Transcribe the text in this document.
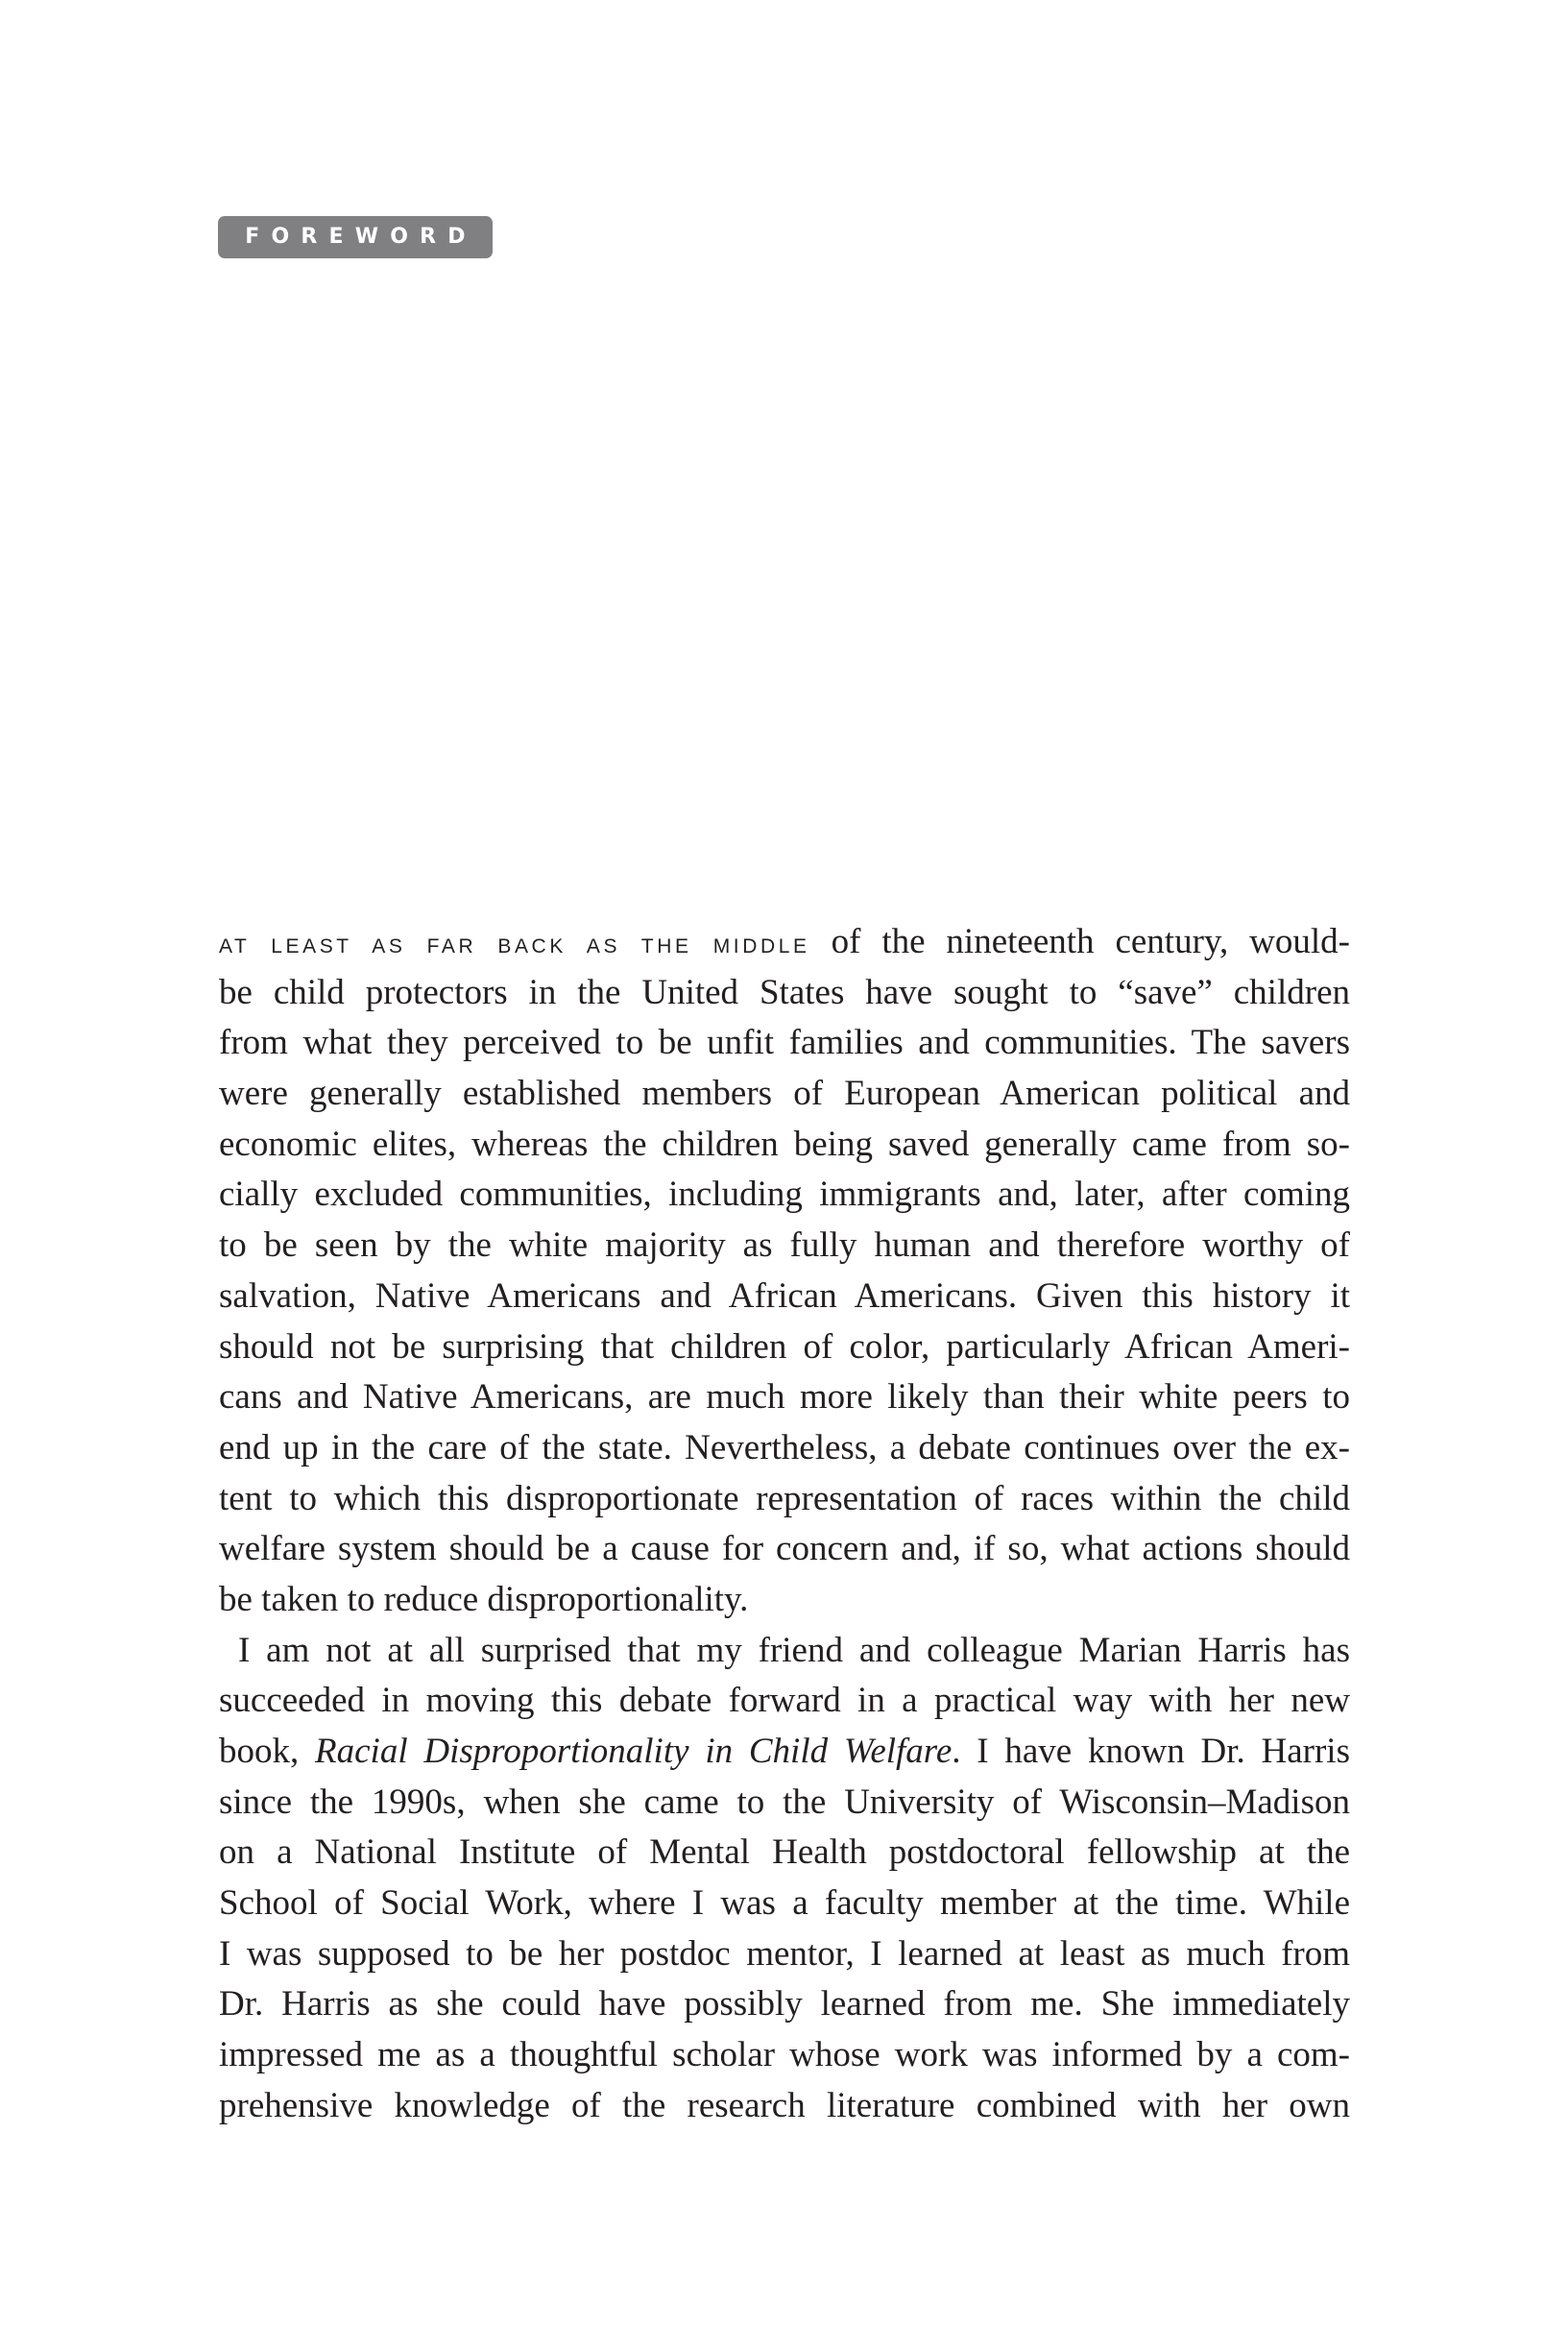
FOREWORD
AT LEAST AS FAR BACK AS THE MIDDLE of the nineteenth century, would-
be child protectors in the United States have sought to “save” children
from what they perceived to be unfit families and communities. The savers
were generally established members of European American political and
economic elites, whereas the children being saved generally came from so-
cially excluded communities, including immigrants and, later, after coming
to be seen by the white majority as fully human and therefore worthy of
salvation, Native Americans and African Americans. Given this history it
should not be surprising that children of color, particularly African Ameri-
cans and Native Americans, are much more likely than their white peers to
end up in the care of the state. Nevertheless, a debate continues over the ex-
tent to which this disproportionate representation of races within the child
welfare system should be a cause for concern and, if so, what actions should
be taken to reduce disproportionality.
I am not at all surprised that my friend and colleague Marian Harris has
succeeded in moving this debate forward in a practical way with her new
book, Racial Disproportionality in Child Welfare. I have known Dr. Harris
since the 1990s, when she came to the University of Wisconsin–Madison
on a National Institute of Mental Health postdoctoral fellowship at the
School of Social Work, where I was a faculty member at the time. While
I was supposed to be her postdoc mentor, I learned at least as much from
Dr. Harris as she could have possibly learned from me. She immediately
impressed me as a thoughtful scholar whose work was informed by a com-
prehensive knowledge of the research literature combined with her own
